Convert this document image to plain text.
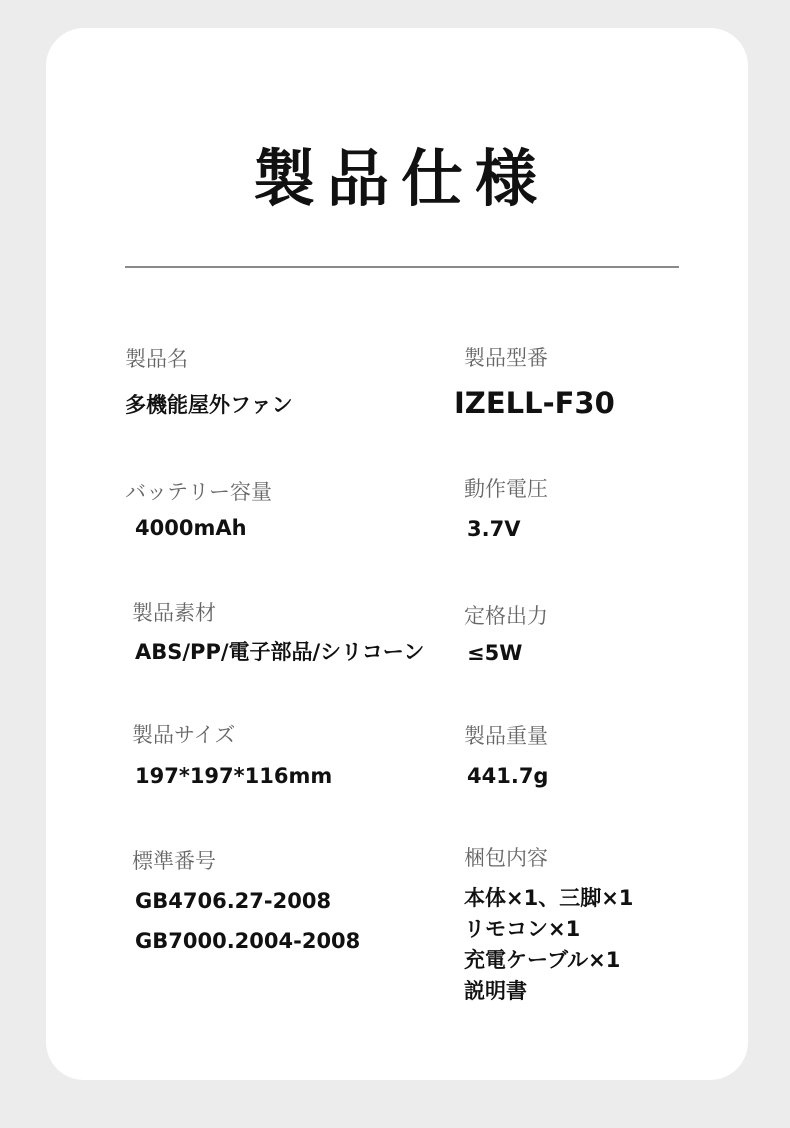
製品仕様
製品名
多機能屋外ファン
製品型番
IZELL-F30
バッテリー容量
4000mAh
動作電圧
3.7V
製品素材
ABS/PP/電子部品/シリコーン
定格出力
≤5W
製品サイズ
197*197*116mm
製品重量
441.7g
標準番号
GB4706.27-2008
GB7000.2004-2008
梱包内容
本体×1、三脚×1
リモコン×1
充電ケーブル×1
説明書
